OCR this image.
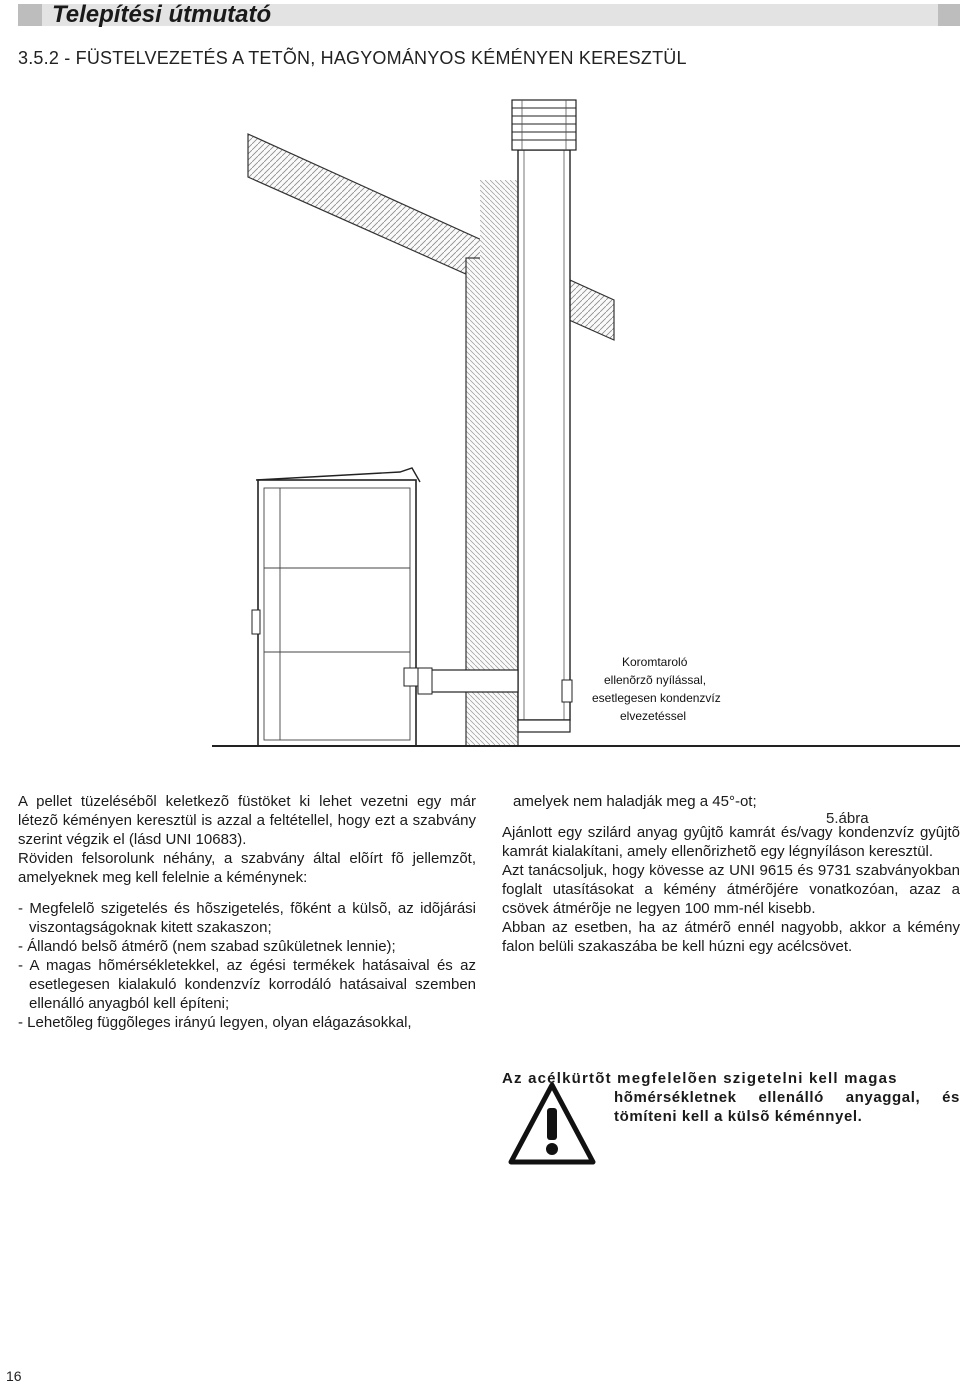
Telepítési útmutató
3.5.2 - FÜSTELVEZETÉS A TETÕN, HAGYOMÁNYOS KÉMÉNYEN KERESZTÜL
Koromtaroló
ellenõrzõ nyílással,
esetlegesen kondenzvíz
elvezetéssel
5.ábra

A pellet tüzelésébõl keletkezõ füstöket ki lehet vezetni egy már létezõ kéményen keresztül is azzal a feltétellel, hogy ezt a szabvány szerint végzik el (lásd UNI 10683).

Röviden felsorolunk néhány, a szabvány által elõírt fõ jellemzõt, amelyeknek meg kell felelnie a kéménynek:

- Megfelelõ szigetelés és hõszigetelés, fõként a külsõ, az idõjárási viszontagságoknak kitett szakaszon;

- Állandó belsõ átmérõ (nem szabad szûkületnek lennie);

- A magas hõmérsékletekkel, az égési termékek hatásaival és az esetlegesen kialakuló kondenzvíz korrodáló hatásaival szemben ellenálló anyagból kell építeni;

- Lehetõleg függõleges irányú legyen, olyan elágazásokkal,

amelyek nem haladják meg a 45°-ot;

Ajánlott egy szilárd anyag gyûjtõ kamrát és/vagy kondenzvíz gyûjtõ kamrát kialakítani, amely ellenõrizhetõ egy légnyíláson keresztül.

Azt tanácsoljuk, hogy kövesse az UNI 9615 és 9731 szabványokban foglalt utasításokat a kémény átmérõjére vonatkozóan, azaz a csövek átmérõje ne legyen 100 mm-nél kisebb.

Abban az esetben, ha az átmérõ ennél nagyobb, akkor a kémény falon belüli szakaszába be kell húzni egy acélcsövet.

Az acélkürtõt megfelelõen szigetelni kell magas
hõmérsékletnek ellenálló anyaggal, és tömíteni kell a külsõ kéménnyel.
16
